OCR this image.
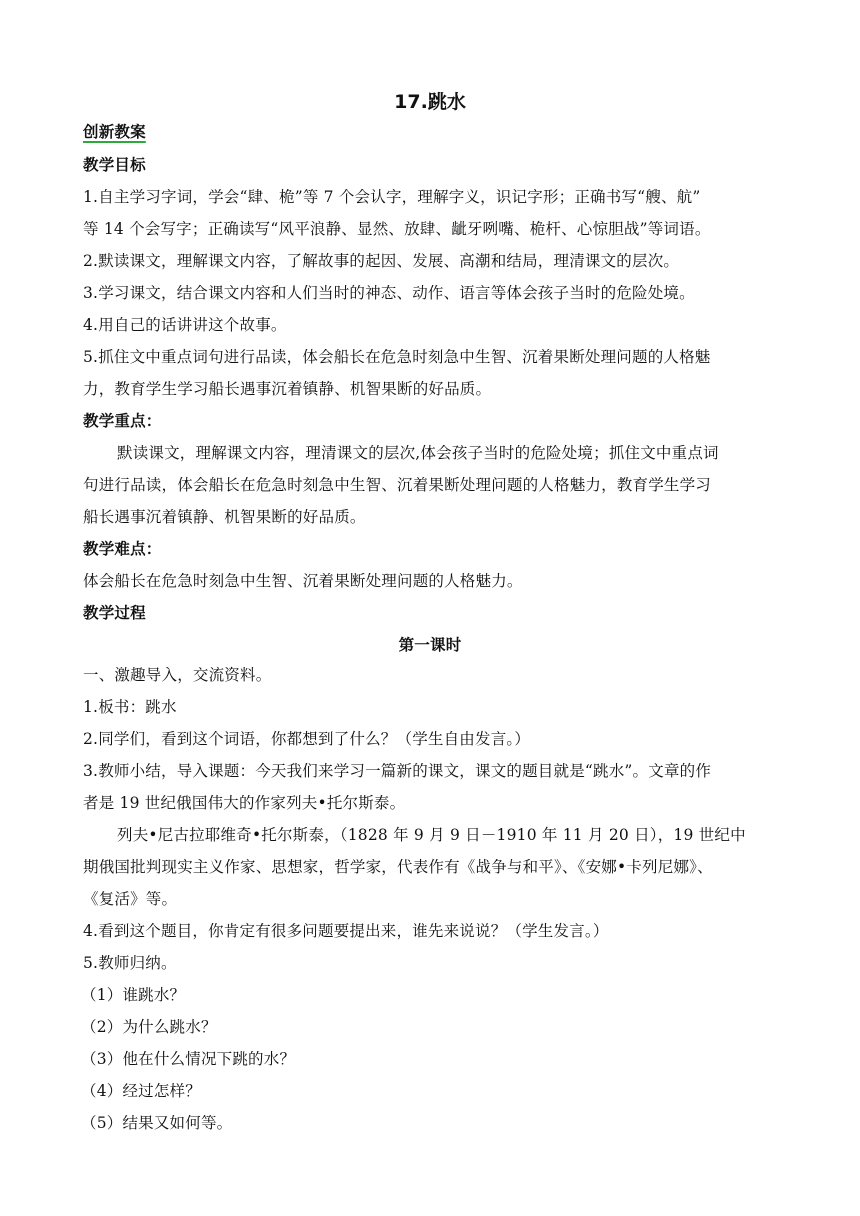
17.跳水
创新教案
教学目标
1.自主学习字词，学会“肆、桅”等 7 个会认字，理解字义，识记字形；正确书写“艘、航”
等 14 个会写字；正确读写“风平浪静、显然、放肆、龇牙咧嘴、桅杆、心惊胆战”等词语。
2.默读课文，理解课文内容，了解故事的起因、发展、高潮和结局，理清课文的层次。
3.学习课文，结合课文内容和人们当时的神态、动作、语言等体会孩子当时的危险处境。
4.用自己的话讲讲这个故事。
5.抓住文中重点词句进行品读，体会船长在危急时刻急中生智、沉着果断处理问题的人格魅
力，教育学生学习船长遇事沉着镇静、机智果断的好品质。
教学重点：
默读课文，理解课文内容，理清课文的层次,体会孩子当时的危险处境；抓住文中重点词
句进行品读，体会船长在危急时刻急中生智、沉着果断处理问题的人格魅力，教育学生学习
船长遇事沉着镇静、机智果断的好品质。
教学难点：
体会船长在危急时刻急中生智、沉着果断处理问题的人格魅力。
教学过程
第一课时
一、激趣导入，交流资料。
1.板书：跳水
2.同学们，看到这个词语，你都想到了什么？（学生自由发言。）
3.教师小结，导入课题：今天我们来学习一篇新的课文，课文的题目就是“跳水”。文章的作
者是 19 世纪俄国伟大的作家列夫•托尔斯泰。
列夫•尼古拉耶维奇•托尔斯泰，（1828 年 9 月 9 日－1910 年 11 月 20 日），19 世纪中
期俄国批判现实主义作家、思想家，哲学家，代表作有《战争与和平》、《安娜•卡列尼娜》、
《复活》等。
4.看到这个题目，你肯定有很多问题要提出来，谁先来说说？（学生发言。）
5.教师归纳。
（1）谁跳水？
（2）为什么跳水？
（3）他在什么情况下跳的水？
（4）经过怎样？
（5）结果又如何等。
